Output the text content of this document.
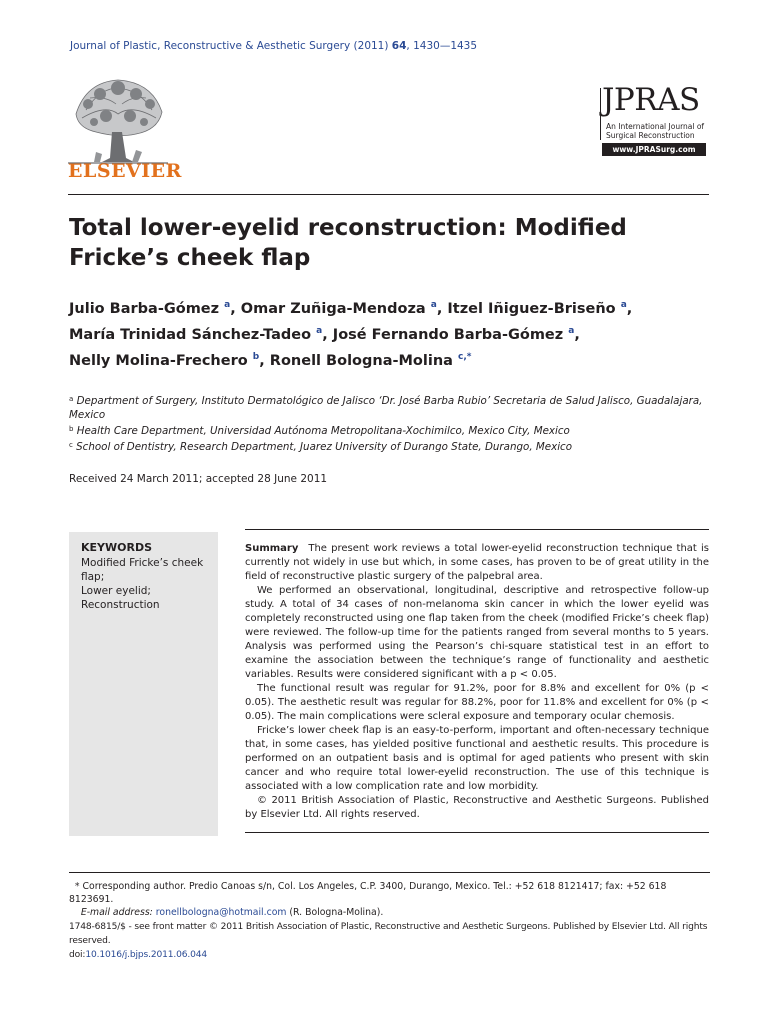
Journal of Plastic, Reconstructive & Aesthetic Surgery (2011) 64, 1430—1435
ELSEVIER
JPRAS
An International Journal of
Surgical Reconstruction
www.JPRASurg.com
Total lower-eyelid reconstruction: Modified Fricke’s cheek flap
Julio Barba-Gómez $^a$, Omar Zuñiga-Mendoza $^a$, Itzel Iñiguez-Briseño $^a$,
María Trinidad Sánchez-Tadeo $^a$, José Fernando Barba-Gómez $^a$,
Nelly Molina-Frechero $^b$, Ronell Bologna-Molina $^{c,*}$
$^a$ Department of Surgery, Instituto Dermatológico de Jalisco ‘Dr. José Barba Rubio’ Secretaria de Salud Jalisco, Guadalajara, Mexico
$^b$ Health Care Department, Universidad Autónoma Metropolitana-Xochimilco, Mexico City, Mexico
$^c$ School of Dentistry, Research Department, Juarez University of Durango State, Durango, Mexico
Received 24 March 2011; accepted 28 June 2011
KEYWORDS
Modified Fricke’s cheek flap;
Lower eyelid;
Reconstruction

Summary The present work reviews a total lower-eyelid reconstruction technique that is currently not widely in use but which, in some cases, has proven to be of great utility in the field of reconstructive plastic surgery of the palpebral area.

We performed an observational, longitudinal, descriptive and retrospective follow-up study. A total of 34 cases of non-melanoma skin cancer in which the lower eyelid was completely reconstructed using one flap taken from the cheek (modified Fricke’s cheek flap) were reviewed. The follow-up time for the patients ranged from several months to 5 years. Analysis was performed using the Pearson’s chi-square statistical test in an effort to examine the association between the technique’s range of functionality and aesthetic variables. Results were considered significant with a p < 0.05.

The functional result was regular for 91.2%, poor for 8.8% and excellent for 0% (p < 0.05). The aesthetic result was regular for 88.2%, poor for 11.8% and excellent for 0% (p < 0.05). The main complications were scleral exposure and temporary ocular chemosis.

Fricke’s lower cheek flap is an easy-to-perform, important and often-necessary technique that, in some cases, has yielded positive functional and aesthetic results. This procedure is performed on an outpatient basis and is optimal for aged patients who present with skin cancer and who require total lower-eyelid reconstruction. The use of this technique is associated with a low complication rate and low morbidity.

© 2011 British Association of Plastic, Reconstructive and Aesthetic Surgeons. Published by Elsevier Ltd. All rights reserved.

* Corresponding author. Predio Canoas s/n, Col. Los Angeles, C.P. 3400, Durango, Mexico. Tel.: +52 618 8121417; fax: +52 618 8123691.
E-mail address: ronellbologna@hotmail.com (R. Bologna-Molina).
1748-6815/$ - see front matter © 2011 British Association of Plastic, Reconstructive and Aesthetic Surgeons. Published by Elsevier Ltd. All rights reserved.
doi:10.1016/j.bjps.2011.06.044
